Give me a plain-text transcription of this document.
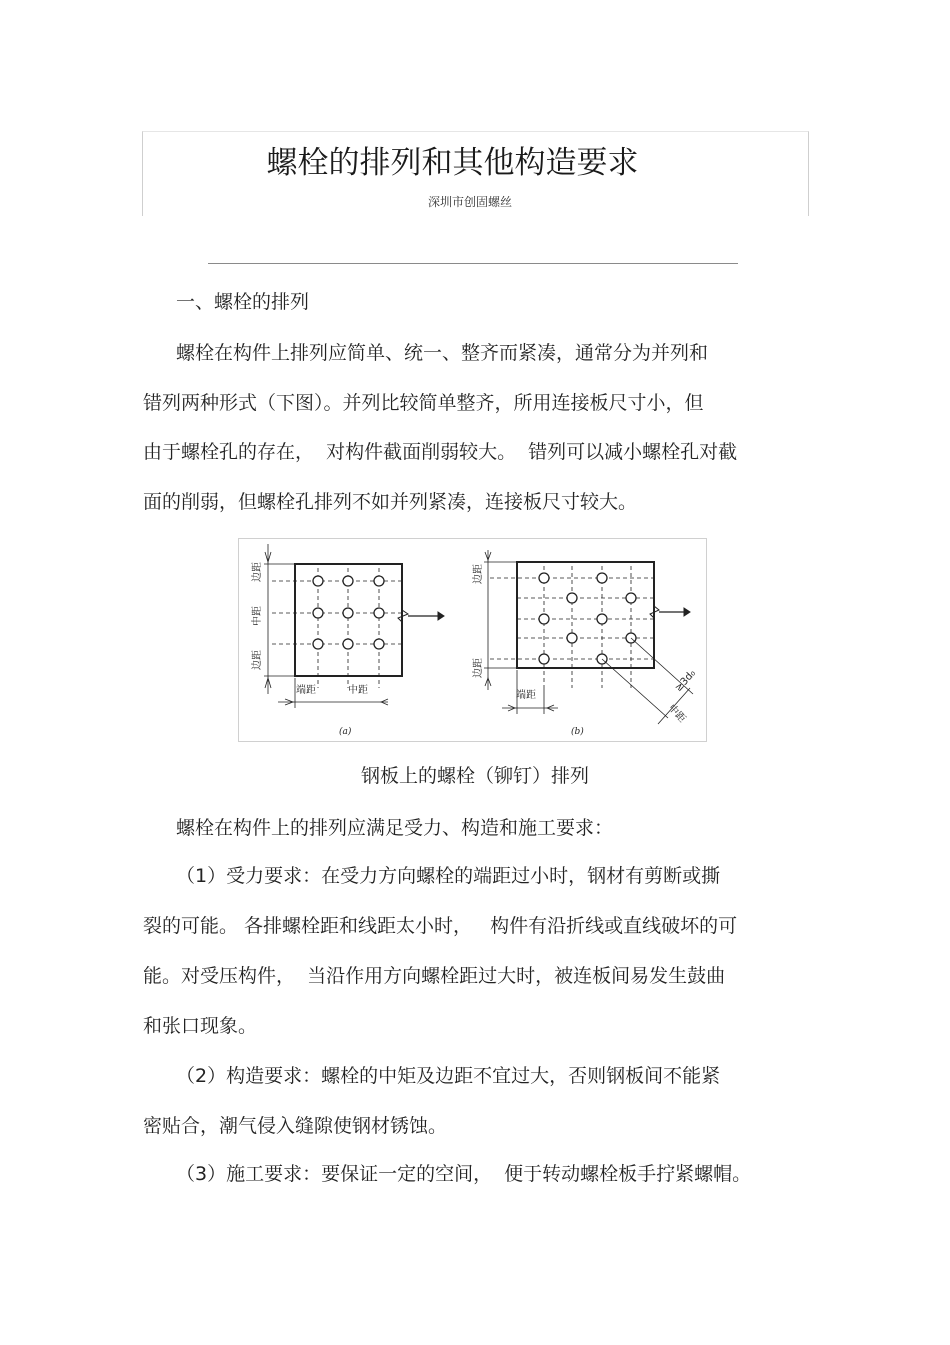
螺栓的排列和其他构造要求
深圳市创固螺丝
一、螺栓的排列
螺栓在构件上排列应简单、统一、整齐而紧凑，通常分为并列和
错列两种形式（下图）。并列比较简单整齐，所用连接板尺寸小，但
由于螺栓孔的存在，  对构件截面削弱较大。  错列可以减小螺栓孔对截
面的削弱，但螺栓孔排列不如并列紧凑，连接板尺寸较大。
边距
中距
边距
端距	中距
(a)
边距
边距
端距
中距
≥3d₀
(b)
钢板上的螺栓（铆钉）排列
螺栓在构件上的排列应满足受力、构造和施工要求：
（1）受力要求：在受力方向螺栓的端距过小时，钢材有剪断或撕
裂的可能。 各排螺栓距和线距太小时，   构件有沿折线或直线破坏的可
能。对受压构件，  当沿作用方向螺栓距过大时，被连板间易发生鼓曲
和张口现象。
（2）构造要求：螺栓的中矩及边距不宜过大，否则钢板间不能紧
密贴合，潮气侵入缝隙使钢材锈蚀。
（3）施工要求：要保证一定的空间，  便于转动螺栓板手拧紧螺帽。
